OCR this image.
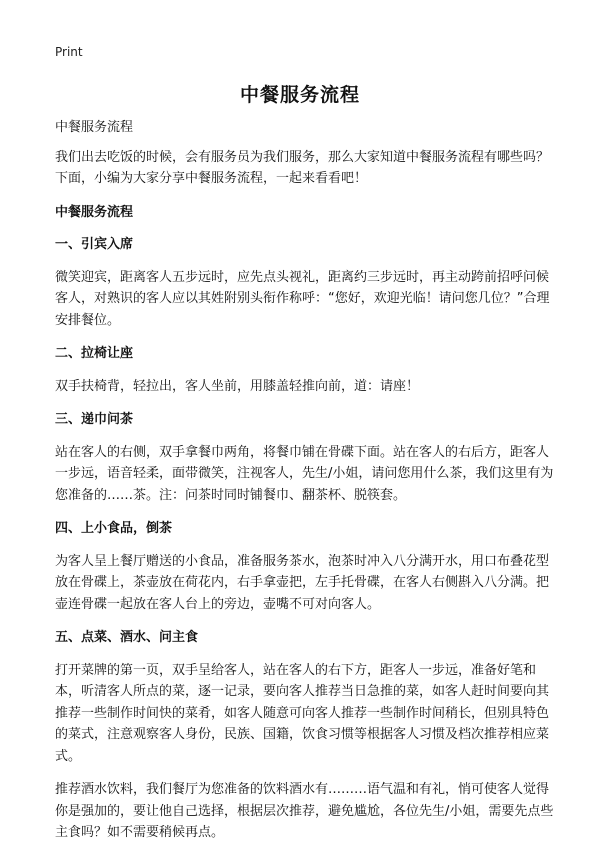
Print
中餐服务流程

中餐服务流程

我们出去吃饭的时候，会有服务员为我们服务，那么大家知道中餐服务流程有哪些吗？下面，小编为大家分享中餐服务流程，一起来看看吧！

中餐服务流程

一、引宾入席

微笑迎宾，距离客人五步远时，应先点头视礼，距离约三步远时，再主动跨前招呼问候客人，对熟识的客人应以其姓附别头衔作称呼：“您好，欢迎光临！请问您几位？”合理安排餐位。

二、拉椅让座

双手扶椅背，轻拉出，客人坐前，用膝盖轻推向前，道：请座！

三、递巾问茶

站在客人的右侧，双手拿餐巾两角，将餐巾铺在骨碟下面。站在客人的右后方，距客人一步远，语音轻柔，面带微笑，注视客人，先生/小姐，请问您用什么茶，我们这里有为您准备的……茶。注：问茶时同时铺餐巾、翻茶杯、脱筷套。

四、上小食品，倒茶

为客人呈上餐厅赠送的小食品，准备服务茶水，泡茶时冲入八分满开水，用口布叠花型放在骨碟上，茶壶放在荷花内，右手拿壶把，左手托骨碟，在客人右侧斟入八分满。把壶连骨碟一起放在客人台上的旁边，壶嘴不可对向客人。

五、点菜、酒水、问主食

打开菜牌的第一页，双手呈给客人，站在客人的右下方，距客人一步远，准备好笔和本，听清客人所点的菜，逐一记录，要向客人推荐当日急推的菜，如客人赶时间要向其推荐一些制作时间快的菜肴，如客人随意可向客人推荐一些制作时间稍长，但别具特色的菜式，注意观察客人身份，民族、国籍，饮食习惯等根据客人习惯及档次推荐相应菜式。

推荐酒水饮料，我们餐厅为您准备的饮料酒水有………语气温和有礼，悄可使客人觉得你是强加的，要让他自己选择，根据层次推荐，避免尴尬，各位先生/小姐，需要先点些主食吗？如不需要稍候再点。
